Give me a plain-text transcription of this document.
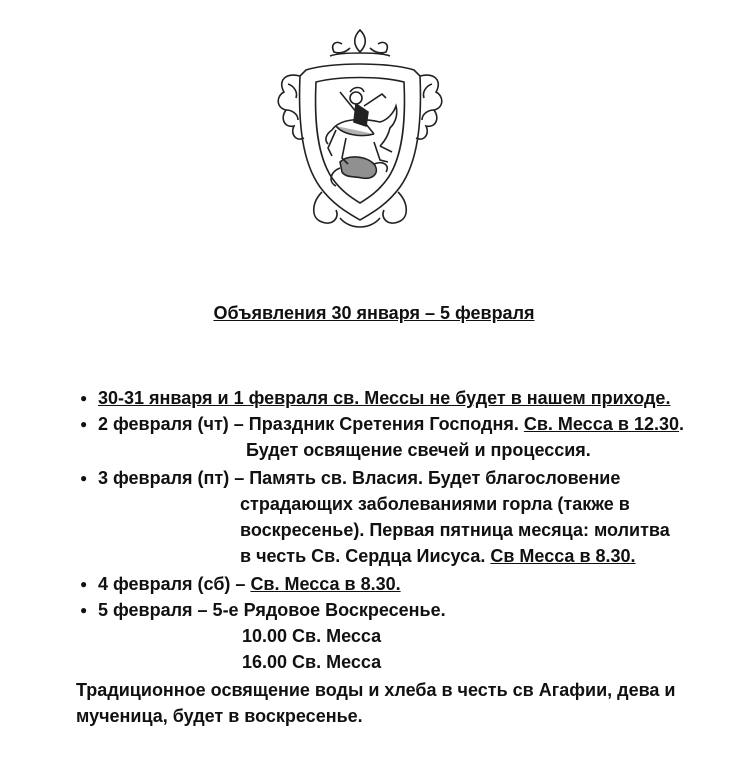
Объявления 30 января – 5 февраля
● 30-31 января и 1 февраля св. Мессы не будет в нашем приходе.
● 2 февраля (чт) – Праздник Сретения Господня. Св. Месса в 12.30.
Будет освящение свечей и процессия.
● 3 февраля (пт) – Память св. Власия. Будет благословение
страдающих заболеваниями горла (также в
воскресенье). Первая пятница месяца: молитва
в честь Св. Сердца Иисуса. Св Месса в 8.30.
● 4 февраля (сб) – Св. Месса в 8.30.
● 5 февраля – 5-е Рядовое Воскресенье.
10.00 Св. Месса
16.00 Св. Месса
Традиционное освящение воды и хлеба в честь св Агафии, дева и
мученица, будет в воскресенье.
